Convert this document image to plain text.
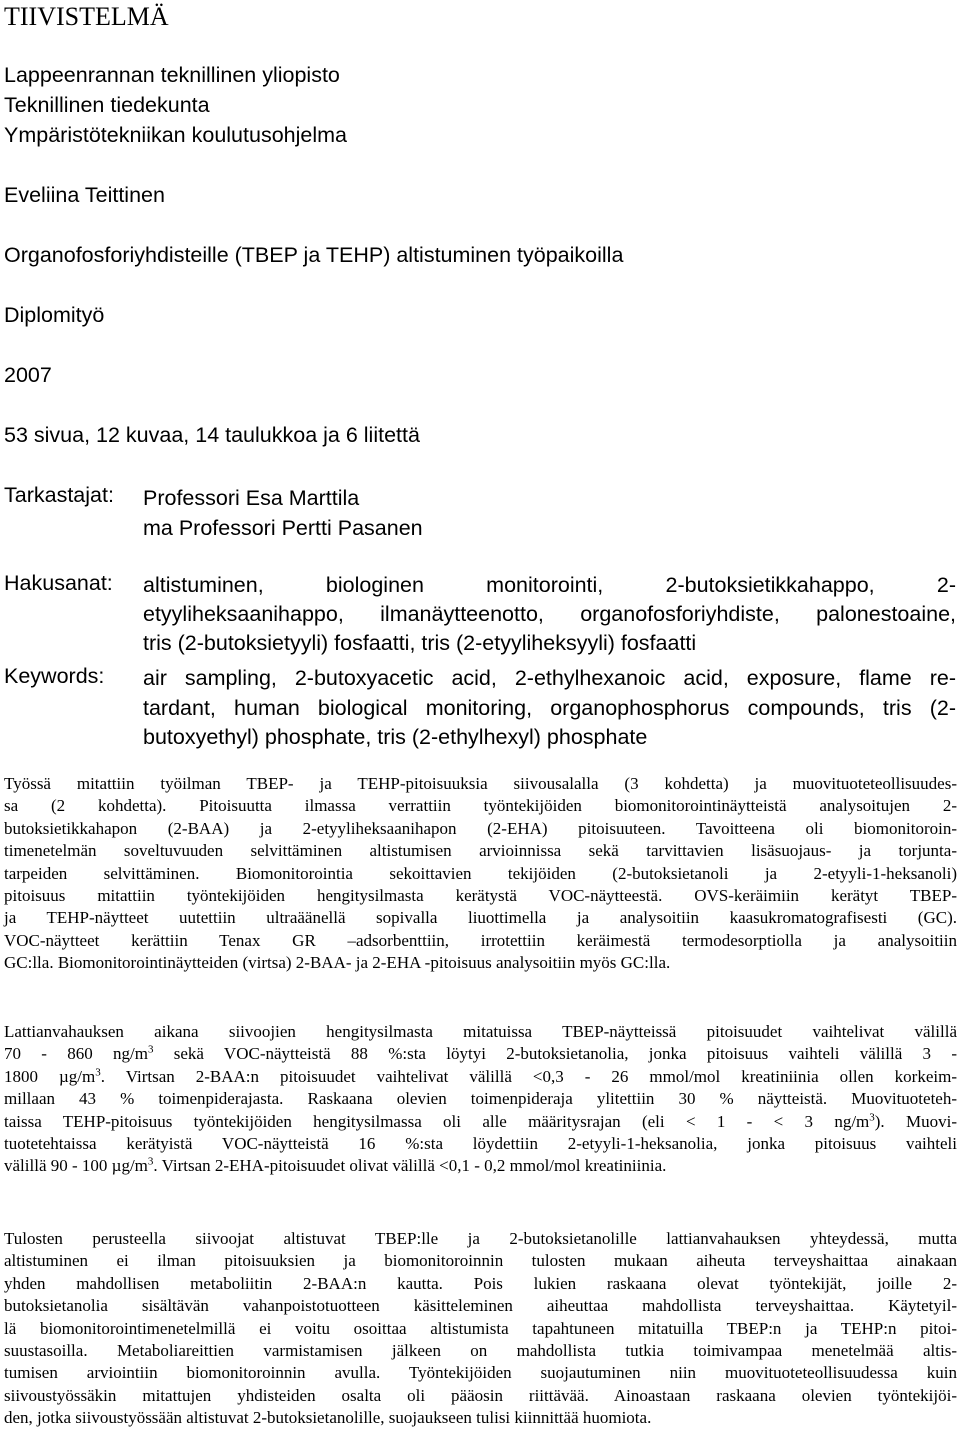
TIIVISTELMÄ
Lappeenrannan teknillinen yliopisto
Teknillinen tiedekunta
Ympäristötekniikan koulutusohjelma
Eveliina Teittinen
Organofosforiyhdisteille (TBEP ja TEHP) altistuminen työpaikoilla
Diplomityö
2007
53 sivua, 12 kuvaa, 14 taulukkoa ja 6 liitettä
Tarkastajat: Professori Esa Marttila
ma Professori Pertti Pasanen
Hakusanat: altistuminen, biologinen monitorointi, 2-butoksietikkahappo, 2-
etyyliheksaanihappo, ilmanäytteenotto, organofosforiyhdiste, palonestoaine,
tris (2-butoksietyyli) fosfaatti, tris (2-etyyliheksyyli) fosfaatti
Keywords: air sampling, 2-butoxyacetic acid, 2-ethylhexanoic acid, exposure, flame re-
tardant, human biological monitoring, organophosphorus compounds, tris (2-
butoxyethyl) phosphate, tris (2-ethylhexyl) phosphate
Työssä mitattiin työilman TBEP- ja TEHP-pitoisuuksia siivousalalla (3 kohdetta) ja muovituoteteollisuudes-
sa (2 kohdetta). Pitoisuutta ilmassa verrattiin työntekijöiden biomonitorointinäytteistä analysoitujen 2-
butoksietikkahapon (2-BAA) ja 2-etyyliheksaanihapon (2-EHA) pitoisuuteen. Tavoitteena oli biomonitoroin-
timenetelmän soveltuvuuden selvittäminen altistumisen arvioinnissa sekä tarvittavien lisäsuojaus- ja torjunta-
tarpeiden selvittäminen. Biomonitorointia sekoittavien tekijöiden (2-butoksietanoli ja 2-etyyli-1-heksanoli)
pitoisuus mitattiin työntekijöiden hengitysilmasta kerätystä VOC-näytteestä. OVS-keräimiin kerätyt TBEP-
ja TEHP-näytteet uutettiin ultraäänellä sopivalla liuottimella ja analysoitiin kaasukromatografisesti (GC).
VOC-näytteet kerättiin Tenax GR –adsorbenttiin, irrotettiin keräimestä termodesorptiolla ja analysoitiin
GC:lla. Biomonitorointinäytteiden (virtsa) 2-BAA- ja 2-EHA -pitoisuus analysoitiin myös GC:lla.
Lattianvahauksen aikana siivoojien hengitysilmasta mitatuissa TBEP-näytteissä pitoisuudet vaihtelivat välillä
70 - 860 $ng/m^3$ sekä VOC-näytteistä 88 %:sta löytyi 2-butoksietanolia, jonka pitoisuus vaihteli välillä 3 -
1800 $\mu g/m^3$. Virtsan 2-BAA:n pitoisuudet vaihtelivat välillä <0,3 - 26 mmol/mol kreatiniinia ollen korkeim-
millaan 43 % toimenpiderajasta. Raskaana olevien toimenpideraja ylitettiin 30 % näytteistä. Muovituoteteh-
taissa TEHP-pitoisuus työntekijöiden hengitysilmassa oli alle määritysrajan (eli < 1 - < 3 $ng/m^3$). Muovi-
tuotetehtaissa kerätyistä VOC-näytteistä 16 %:sta löydettiin 2-etyyli-1-heksanolia, jonka pitoisuus vaihteli
välillä 90 - 100 $\mu g/m^3$. Virtsan 2-EHA-pitoisuudet olivat välillä <0,1 - 0,2 mmol/mol kreatiniinia.
Tulosten perusteella siivoojat altistuvat TBEP:lle ja 2-butoksietanolille lattianvahauksen yhteydessä, mutta
altistuminen ei ilman pitoisuuksien ja biomonitoroinnin tulosten mukaan aiheuta terveyshaittaa ainakaan
yhden mahdollisen metaboliitin 2-BAA:n kautta. Pois lukien raskaana olevat työntekijät, joille 2-
butoksietanolia sisältävän vahanpoistotuotteen käsitteleminen aiheuttaa mahdollista terveyshaittaa. Käytetyil-
lä biomonitorointimenetelmillä ei voitu osoittaa altistumista tapahtuneen mitatuilla TBEP:n ja TEHP:n pitoi-
suustasoilla. Metaboliareittien varmistamisen jälkeen on mahdollista tutkia toimivampaa menetelmää altis-
tumisen arviointiin biomonitoroinnin avulla. Työntekijöiden suojautuminen niin muovituoteteollisuudessa kuin
siivoustyössäkin mitattujen yhdisteiden osalta oli pääosin riittävää. Ainoastaan raskaana olevien työntekijöi-
den, jotka siivoustyössään altistuvat 2-butoksietanolille, suojaukseen tulisi kiinnittää huomiota.
